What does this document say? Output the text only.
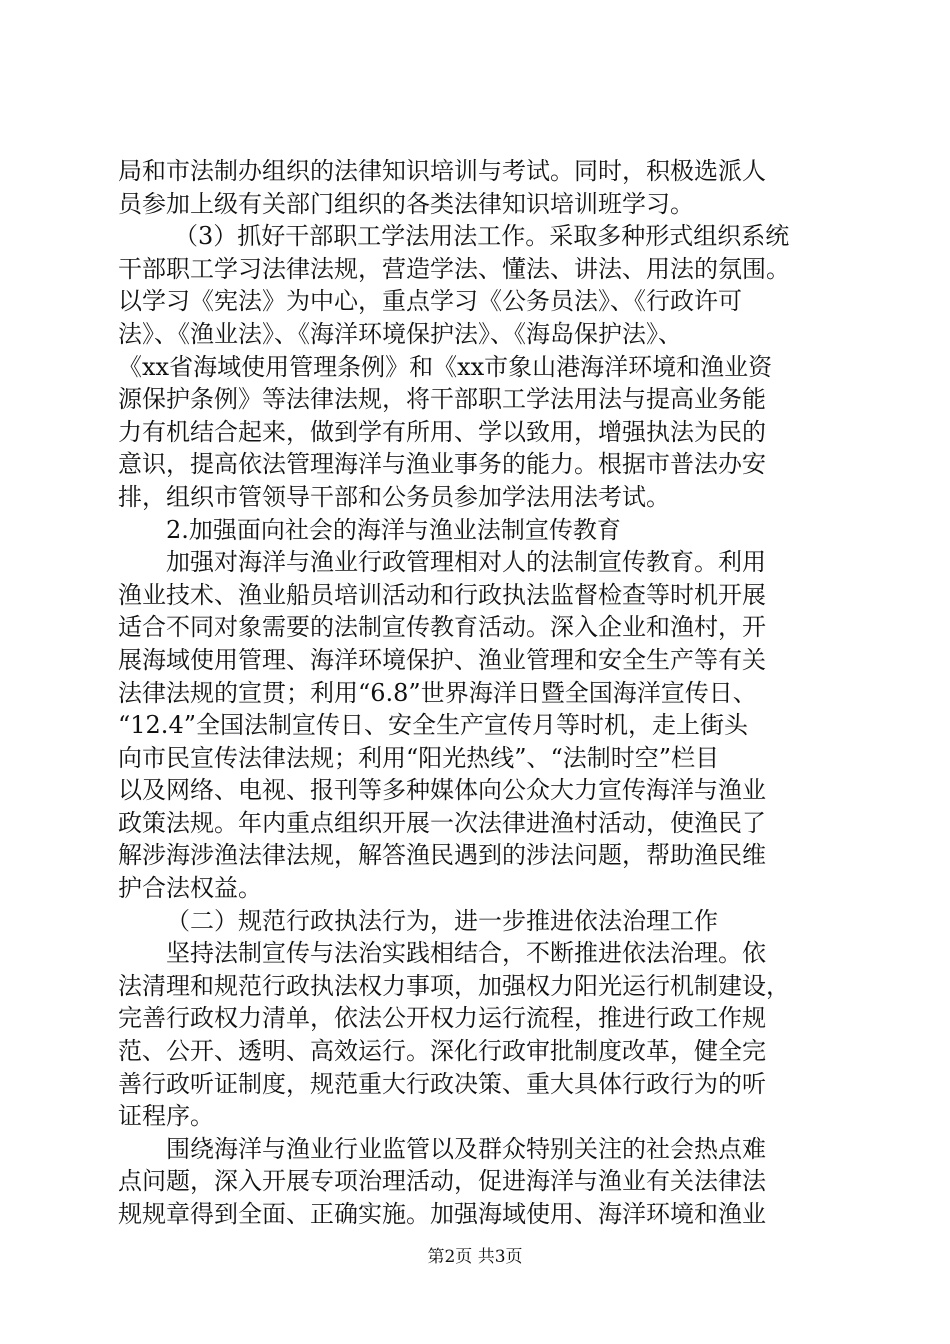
局和市法制办组织的法律知识培训与考试。同时，积极选派人
员参加上级有关部门组织的各类法律知识培训班学习。
（3）抓好干部职工学法用法工作。采取多种形式组织系统
干部职工学习法律法规，营造学法、懂法、讲法、用法的氛围。
以学习《宪法》为中心，重点学习《公务员法》、《行政许可
法》、《渔业法》、《海洋环境保护法》、《海岛保护法》、
《xx省海域使用管理条例》和《xx市象山港海洋环境和渔业资
源保护条例》等法律法规，将干部职工学法用法与提高业务能
力有机结合起来，做到学有所用、学以致用，增强执法为民的
意识，提高依法管理海洋与渔业事务的能力。根据市普法办安
排，组织市管领导干部和公务员参加学法用法考试。
2.加强面向社会的海洋与渔业法制宣传教育
加强对海洋与渔业行政管理相对人的法制宣传教育。利用
渔业技术、渔业船员培训活动和行政执法监督检查等时机开展
适合不同对象需要的法制宣传教育活动。深入企业和渔村，开
展海域使用管理、海洋环境保护、渔业管理和安全生产等有关
法律法规的宣贯；利用“6.8”世界海洋日暨全国海洋宣传日、
“12.4”全国法制宣传日、安全生产宣传月等时机，走上街头
向市民宣传法律法规；利用“阳光热线”、“法制时空”栏目
以及网络、电视、报刊等多种媒体向公众大力宣传海洋与渔业
政策法规。年内重点组织开展一次法律进渔村活动，使渔民了
解涉海涉渔法律法规，解答渔民遇到的涉法问题，帮助渔民维
护合法权益。
（二）规范行政执法行为，进一步推进依法治理工作
坚持法制宣传与法治实践相结合，不断推进依法治理。依
法清理和规范行政执法权力事项，加强权力阳光运行机制建设，
完善行政权力清单，依法公开权力运行流程，推进行政工作规
范、公开、透明、高效运行。深化行政审批制度改革，健全完
善行政听证制度，规范重大行政决策、重大具体行政行为的听
证程序。
围绕海洋与渔业行业监管以及群众特别关注的社会热点难
点问题，深入开展专项治理活动，促进海洋与渔业有关法律法
规规章得到全面、正确实施。加强海域使用、海洋环境和渔业
第2页 共3页
